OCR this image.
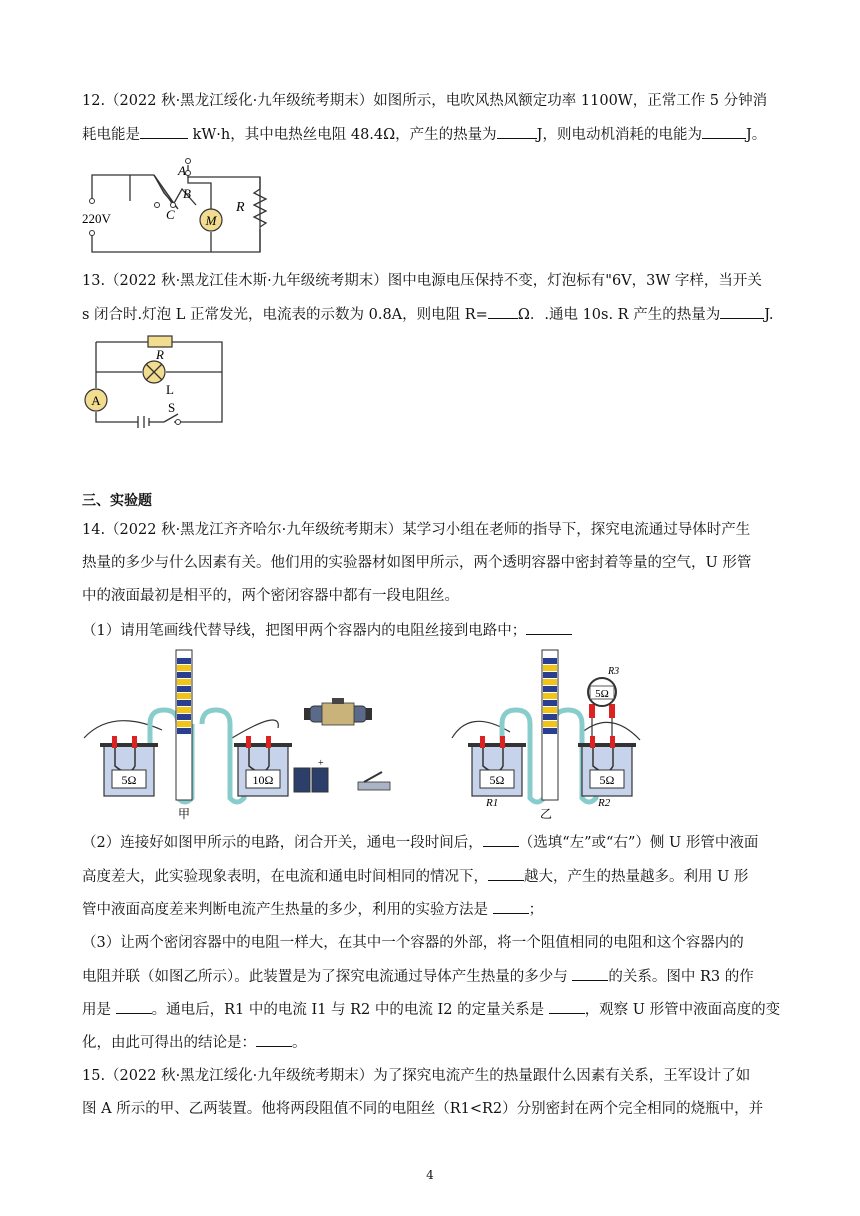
12.（2022 秋·黑龙江绥化·九年级统考期末）如图所示，电吹风热风额定功率 1100W，正常工作 5 分钟消
耗电能是	kW·h，其中电热丝电阻 48.4Ω，产生的热量为	J，则电动机消耗的电能为	J。
M
220V
A
B
C	R
13.（2022 秋·黑龙江佳木斯·九年级统考期末）图中电源电压保持不变，灯泡标有"6V，3W 字样，当开关
s 闭合时.灯泡 L 正常发光，电流表的示数为 0.8A，则电阻 R= Ω．.通电 10s. R 产生的热量为	J.
A
R
L
S
三、实验题
14.（2022 秋·黑龙江齐齐哈尔·九年级统考期末）某学习小组在老师的指导下，探究电流通过导体时产生
热量的多少与什么因素有关。他们用的实验器材如图甲所示，两个透明容器中密封着等量的空气，U 形管
中的液面最初是相平的，两个密闭容器中都有一段电阻丝。
（1）请用笔画线代替导线，把图甲两个容器内的电阻丝接到电路中；
5Ω	10Ω
甲
+
5Ω	5Ω
5Ω
R3
R1	R2
乙
（2）连接好如图甲所示的电路，闭合开关，通电一段时间后， （选填“左”或“右”）侧 U 形管中液面
高度差大，此实验现象表明，在电流和通电时间相同的情况下， 越大，产生的热量越多。利用 U 形
管中液面高度差来判断电流产生热量的多少，利用的实验方法是	；
（3）让两个密闭容器中的电阻一样大，在其中一个容器的外部，将一个阻值相同的电阻和这个容器内的
电阻并联（如图乙所示）。此装置是为了探究电流通过导体产生热量的多少与	的关系。图中 R3 的作
用是	。通电后，R1 中的电流 I1 与 R2 中的电流 I2 的定量关系是	，观察 U 形管中液面高度的变
化，由此可得出的结论是： 。
15.（2022 秋·黑龙江绥化·九年级统考期末）为了探究电流产生的热量跟什么因素有关系，王军设计了如
图 A 所示的甲、乙两装置。他将两段阻值不同的电阻丝（R1<R2）分别密封在两个完全相同的烧瓶中，并
4
